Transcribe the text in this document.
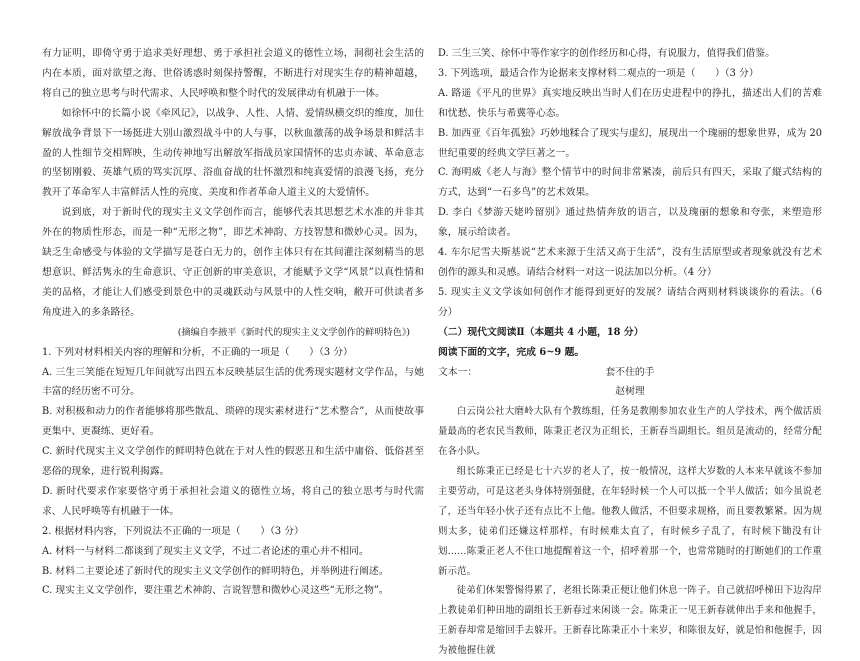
有力证明，即倚守勇于追求美好理想、勇于承担社会道义的德性立场，洞彻社会生活的内在本质，面对欲望之海、世俗诱惑时刻保持警醒，不断进行对现实生存的精神超越，将自己的独立思考与时代需求、人民呼唤和整个时代的发展律动有机融于一体。

如徐怀中的长篇小说《牵风记》，以战争、人性、人情、爱情纵横交织的维度，加仕解放战争背景下一场挺进大别山激烈战斗中的人与事，以秋血激荡的战争场景和鲜活丰盈的人性细节交相辉映，生动传神地写出解放军指战员家国情怀的忠贞赤诚、革命意志的坚韧刚毅、英雄气质的骂实沉厚、浴血奋战的壮怀激烈和纯真爱情的浪漫飞扬，充分教开了革命军人丰富鲜活人性的亮度、美度和作者革命人道主义的大爱情怀。

说到底，对于新时代的现实主义文学创作而言，能够代表其思想艺术水准的并非其外在的物质性形态，而是一种“无形之物”，即艺术神韵、方技智慧和微妙心灵。因为，缺乏生命感受与体验的文学描写是苍白无力的，创作主体只有在其间灌注深刻精当的思想意识、鲜活隽永的生命意识、守正创新的审美意识，才能赋予文学“风景”以真性情和美的品格，才能让人们感受到景色中的灵魂跃动与风景中的人性交响，敝开可供读者多角度进入的多条路径。

(摘编自李掖平《新时代的现实主义文学创作的鲜明特色》)

1. 下列对材料相关内容的理解和分析，不正确的一项是（　　）（3 分）

A. 三生三笑能在短短几年间就写出四五本反映基层生活的优秀现实题材文学作品，与她丰富的经历密不可分。

B. 对积极和动力的作者能够将那些散乱、琐碎的现实素材进行“艺术整合”，从而使故事更集中、更凝练、更好看。

C. 新时代现实主义文学创作的鲜明特色就在于对人性的假恶丑和生活中庸俗、低俗甚至恶俗的现象，进行锐利揭露。

D. 新时代要求作家要恪守勇于承担社会道义的德性立场，将自己的独立思考与时代需求、人民呼唤等有机融于一体。

2. 根据材料内容，下列说法不正确的一项是（　　）（3 分）

A. 材料一与材料二都谈到了现实主义文学，不过二者论述的重心并不相同。

B. 材料二主要论述了新时代的现实主义文学创作的鲜明特色，并举例进行阐述。

C. 现实主义文学创作，要注重艺术神韵、言说智慧和微妙心灵这些“无形之物”。

D. 三生三笑、徐怀中等作家字的创作经历和心得，有说服力，值得我们借鉴。

3. 下列选项，最适合作为论据来支撑材料二观点的一项是（　　）（3 分）

A. 路遥《平凡的世界》真实地反映出当时人们在历史进程中的挣扎，描述出人们的苦难和忧愁、快乐与希冀等心态。

B. 加西亚《百年孤独》巧妙地糅合了现实与虚幻，展现出一个瑰丽的想象世界，成为 20 世纪重要的经典文学巨著之一。

C. 海明威《老人与海》整个情节中的时间非常紧凑，前后只有四天，采取了縦式结构的方式，达到“一石多鸟”的艺术效果。

D. 李白《梦游天姥吟留别》通过热情奔放的语言，以及瑰丽的想象和夸张，来塑造形象，展示给读者。

4. 车尔尼雪夫斯基说“艺术来源于生活又高于生活”，没有生活原型或者现象就没有艺术创作的源头和灵感。请结合材料一对这一说法加以分析。（4 分）

5. 现实主义文学该如何创作才能得到更好的发展？请结合两则材料谈谈你的看法。（6 分）

（二）现代文阅读Ⅱ（本题共 4 小题，18 分）

阅读下面的文字，完成 6~9 题。

文本一：	套不住的手

赵树理

白云岗公社大磨岭大队有个教练组，任务是教刚参加农业生产的人学技术，两个做活质量最高的老农民当教师，陈秉正老汉为正组长，王新春当副组长。组员是流动的，经常分配在各小队。

组长陈秉正已经是七十六岁的老人了，按一般情况，这样大岁数的人本来早就该不参加主要劳动，可是这老头身体特别强健，在年轻时候一个人可以抵一个半人做活；如今虽说老了，还当年轻小伙子还有点比不上他。他教人做活，不但要求规格，而且要教繁紧。因为规则太多，徒弟们还嫌这样那样，有时候难太直了，有时候乡子乱了，有时候下锄没有计划……陈秉正老人不住口地提醒着这一个，招呼着那一个，也常常随时的打断她们的工作重新示范。

徒弟们休架警惕得累了，老组长陈秉正便让他们休息一阵子。自己就招呼梯田下边沟岸上教徒弟们种田地的副组长王新春过来闲谈一会。陈秉正一见王新春就伸出手来和他握手，王新春却常是缩回手去躲开。王新春比陈秉正小十来岁，和陈很友好，就是怕和他握手，因为被他握住就
